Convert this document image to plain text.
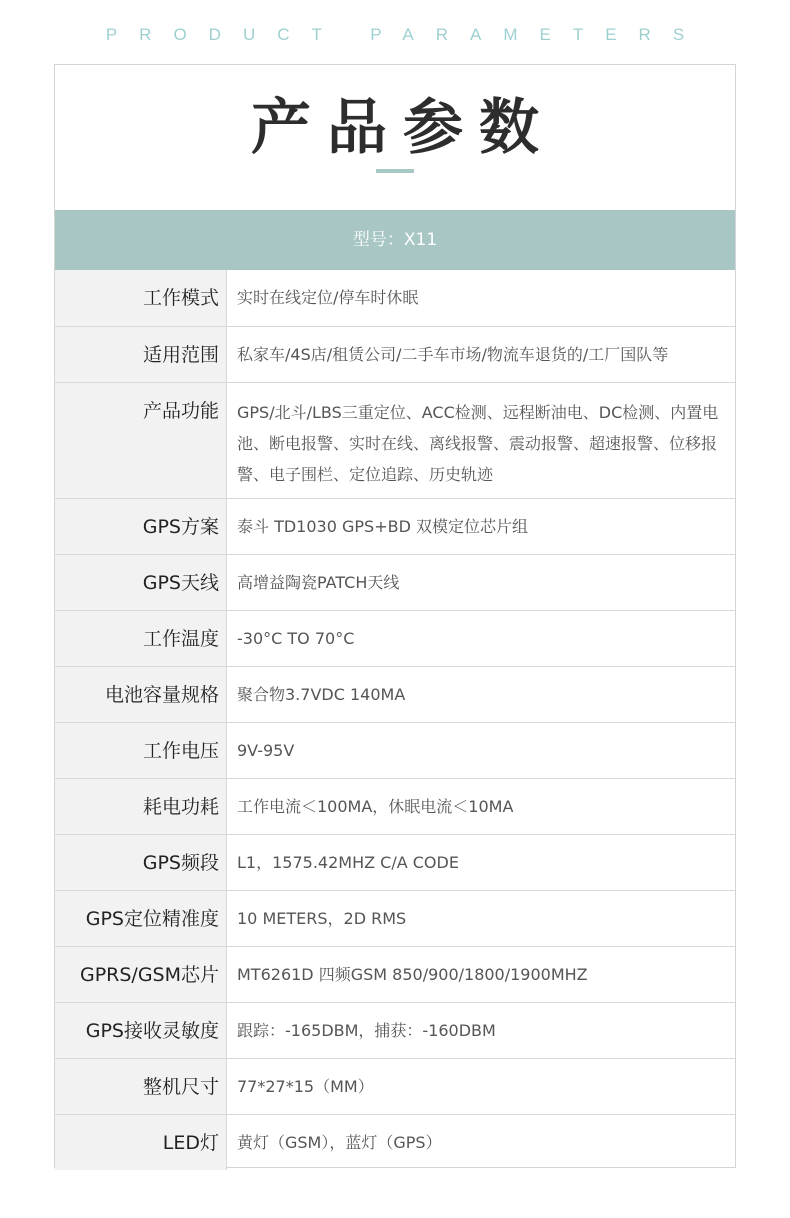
PRODUCT PARAMETERS
产品参数
型号：X11
工作模式	实时在线定位/停车时休眠
适用范围	私家车/4S店/租赁公司/二手车市场/物流车退货的/工厂国队等
产品功能	GPS/北斗/LBS三重定位、ACC检测、远程断油电、DC检测、内置电池、断电报警、实时在线、离线报警、震动报警、超速报警、位移报警、电子围栏、定位追踪、历史轨迹
GPS方案	泰斗 TD1030 GPS+BD 双模定位芯片组
GPS天线	高增益陶瓷PATCH天线
工作温度	-30°C TO 70°C
电池容量规格	聚合物3.7VDC 140MA
工作电压	9V-95V
耗电功耗	工作电流＜100MA，休眠电流＜10MA
GPS频段	L1，1575.42MHZ C/A CODE
GPS定位精准度	10 METERS，2D RMS
GPRS/GSM芯片	MT6261D 四频GSM 850/900/1800/1900MHZ
GPS接收灵敏度	跟踪：-165DBM，捕获：-160DBM
整机尺寸	77*27*15（MM）
LED灯	黄灯（GSM），蓝灯（GPS）
